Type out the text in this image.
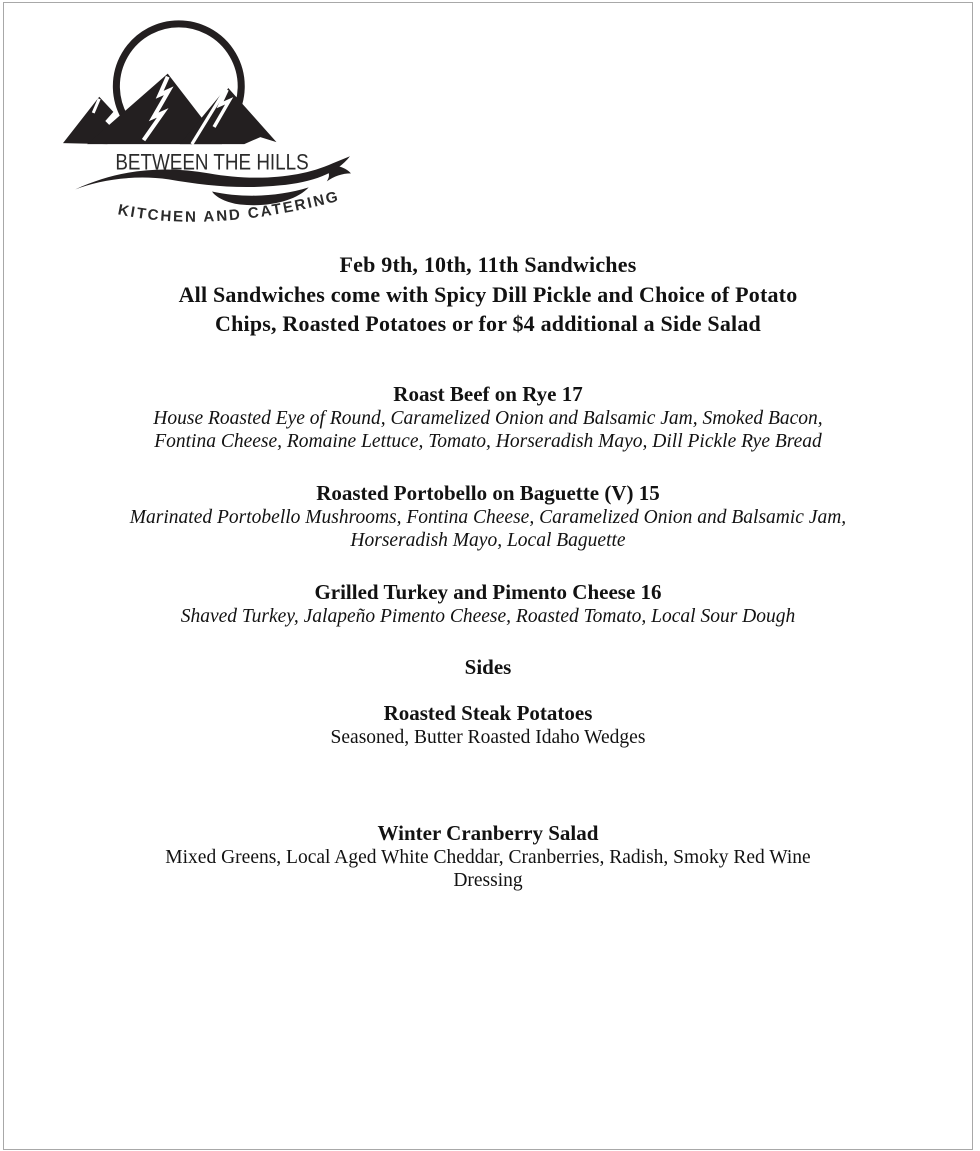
BETWEEN THE HILLS
KITCHEN AND CATERING
Feb 9th, 10th, 11th Sandwiches
All Sandwiches come with Spicy Dill Pickle and Choice of Potato
Chips, Roasted Potatoes or for $4 additional a Side Salad
Roast Beef on Rye 17
House Roasted Eye of Round, Caramelized Onion and Balsamic Jam, Smoked Bacon,
Fontina Cheese, Romaine Lettuce, Tomato, Horseradish Mayo, Dill Pickle Rye Bread
Roasted Portobello on Baguette (V) 15
Marinated Portobello Mushrooms, Fontina Cheese, Caramelized Onion and Balsamic Jam,
Horseradish Mayo, Local Baguette
Grilled Turkey and Pimento Cheese 16
Shaved Turkey, Jalapeño Pimento Cheese, Roasted Tomato, Local Sour Dough
Sides
Roasted Steak Potatoes
Seasoned, Butter Roasted Idaho Wedges
Winter Cranberry Salad
Mixed Greens, Local Aged White Cheddar, Cranberries, Radish, Smoky Red Wine
Dressing
